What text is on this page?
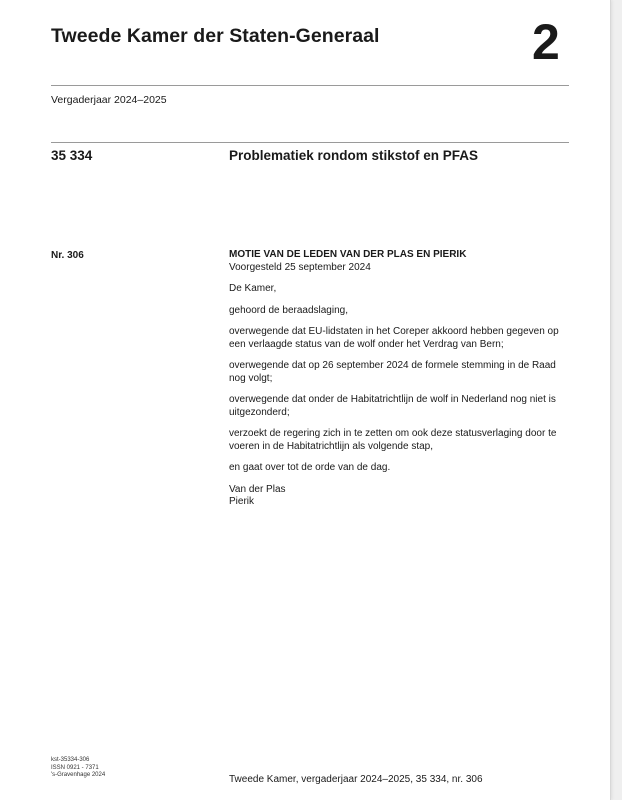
Tweede Kamer der Staten-Generaal	2
Vergaderjaar 2024–2025
35 334	Problematiek rondom stikstof en PFAS
Nr. 306	MOTIE VAN DE LEDEN VAN DER PLAS EN PIERIK

Voorgesteld 25 september 2024

De Kamer,

gehoord de beraadslaging,

overwegende dat EU-lidstaten in het Coreper akkoord hebben gegeven op een verlaagde status van de wolf onder het Verdrag van Bern;

overwegende dat op 26 september 2024 de formele stemming in de Raad nog volgt;

overwegende dat onder de Habitatrichtlijn de wolf in Nederland nog niet is uitgezonderd;

verzoekt de regering zich in te zetten om ook deze statusverlaging door te voeren in de Habitatrichtlijn als volgende stap,

en gaat over tot de orde van de dag.

Van der Plas
Pierik
kst-35334-306
ISSN 0921 - 7371
's-Gravenhage 2024	Tweede Kamer, vergaderjaar 2024–2025, 35 334, nr. 306
